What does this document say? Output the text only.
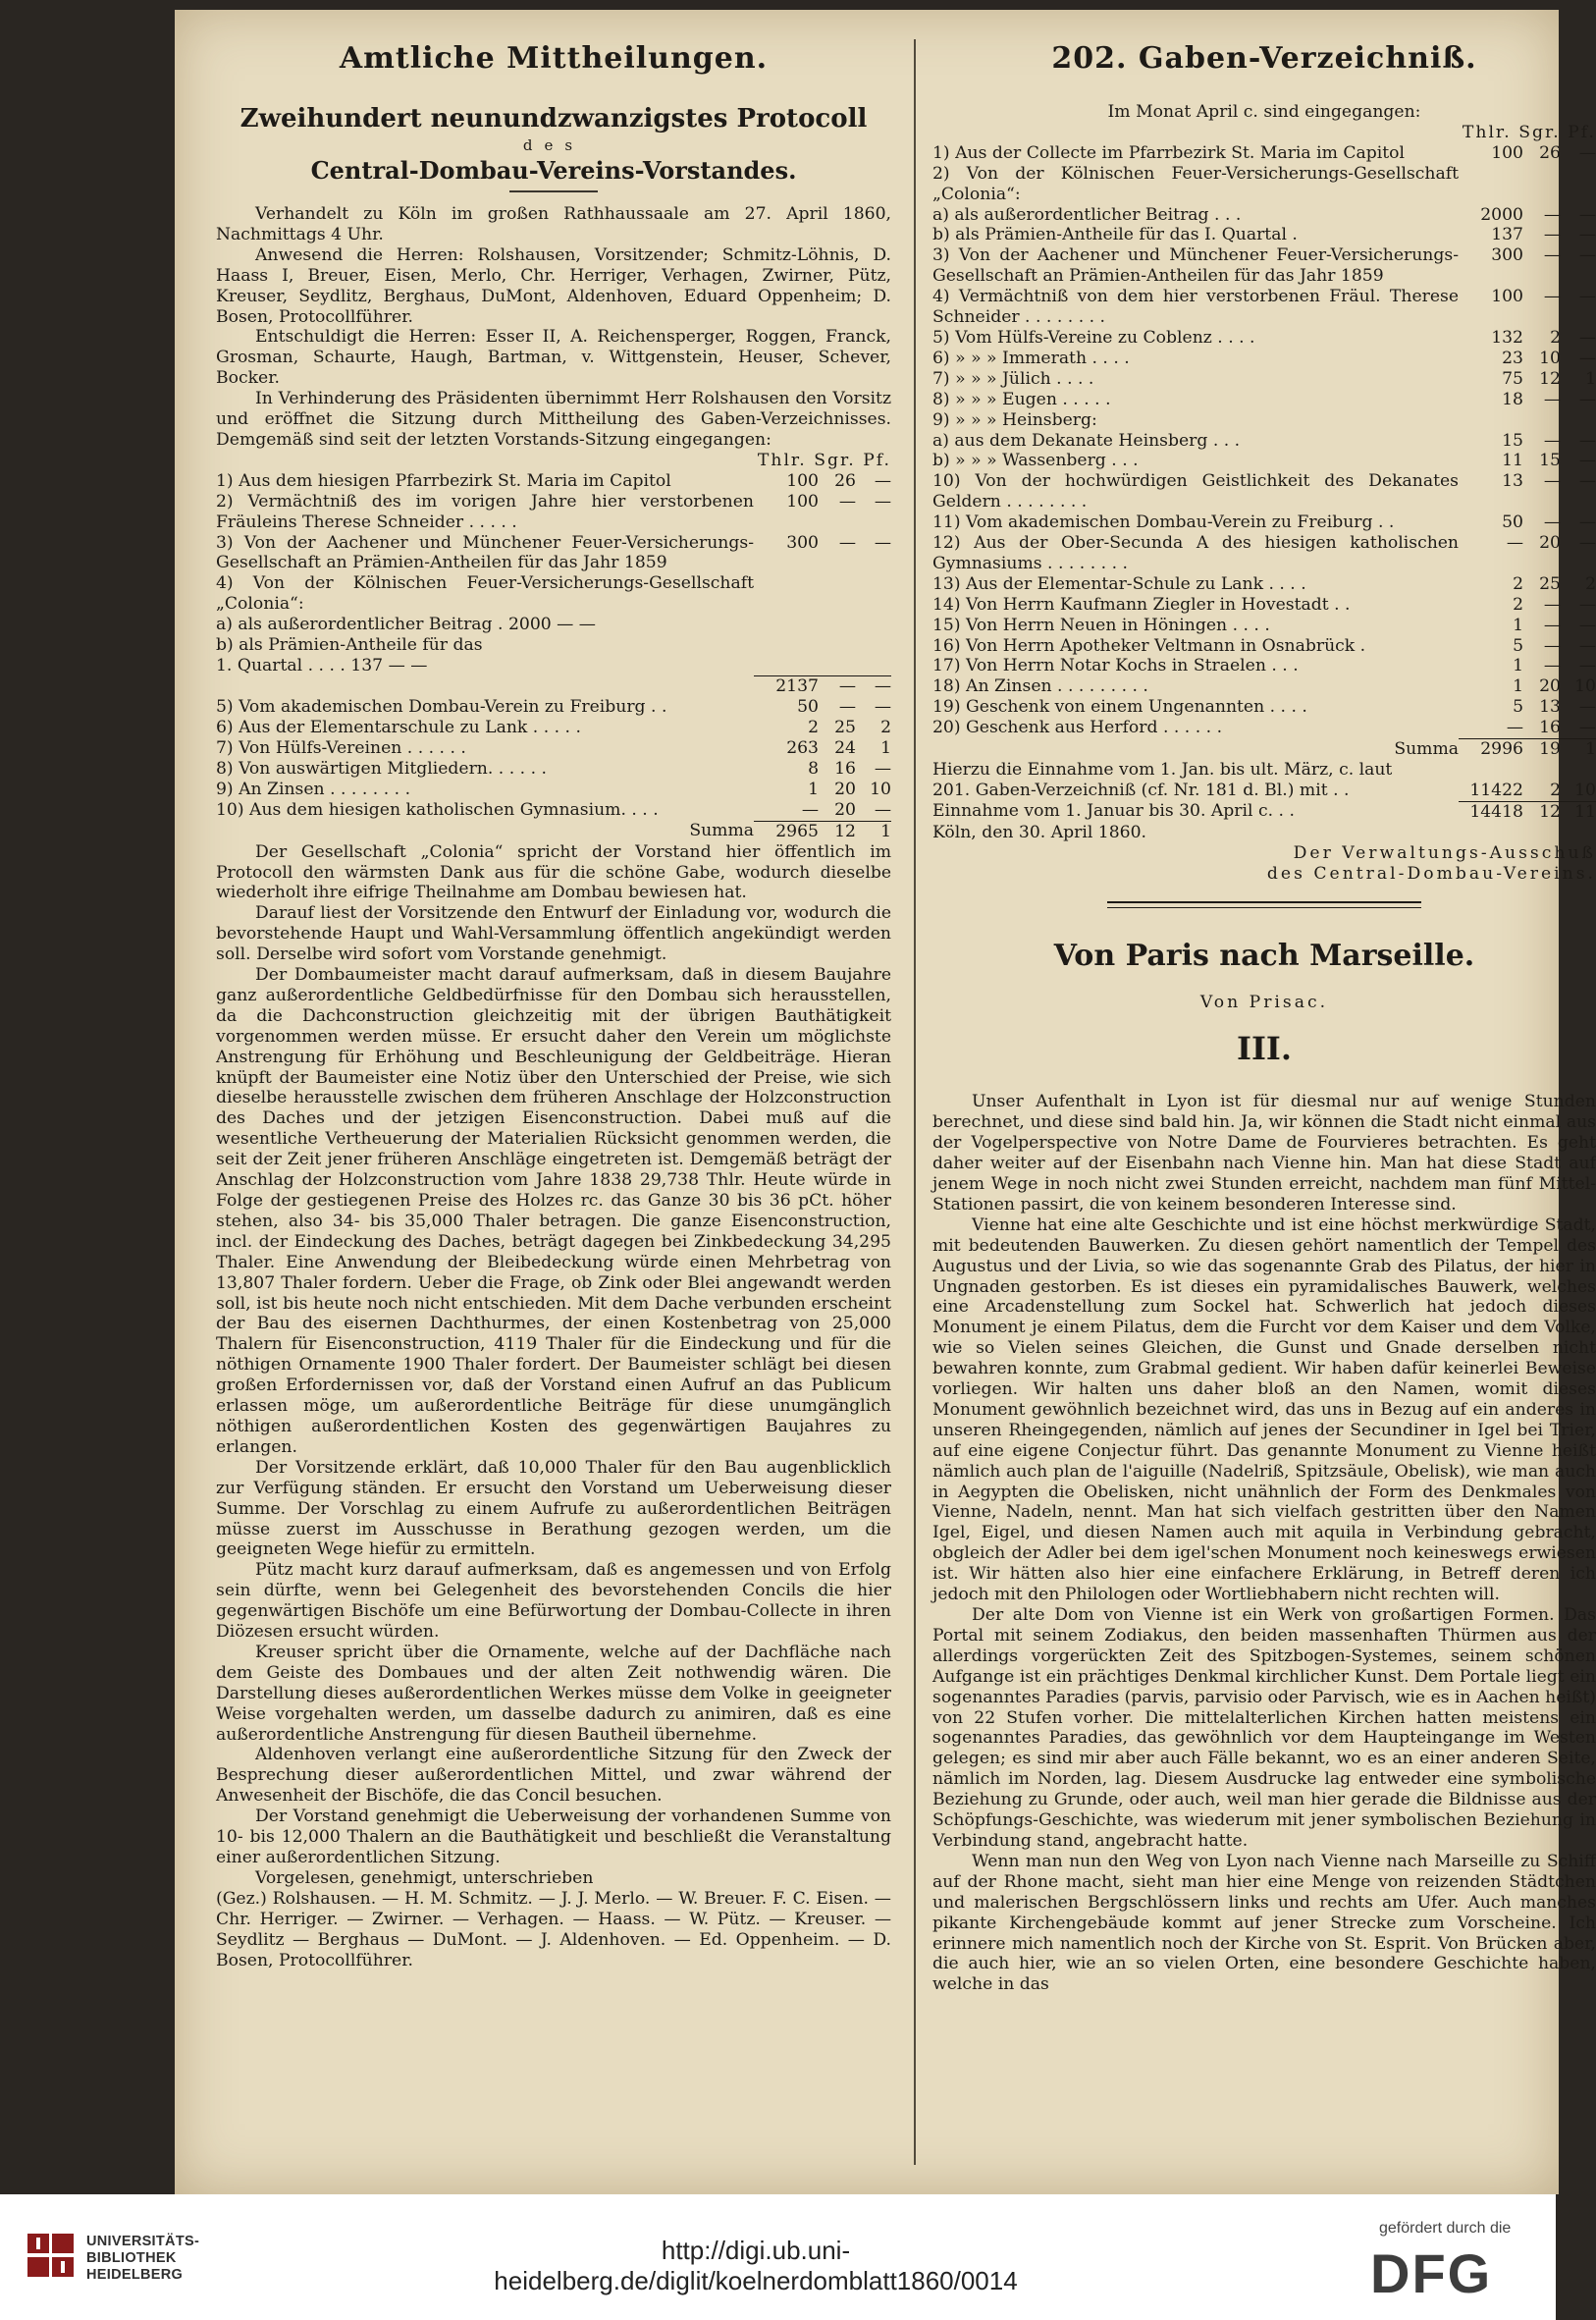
Amtliche Mittheilungen.
Zweihundert neunundzwanzigstes Protocoll
des
Central-Dombau-Vereins-Vorstandes.

Verhandelt zu Köln im großen Rathhaussaale am 27. April 1860, Nachmittags 4 Uhr.

Anwesend die Herren: Rolshausen, Vorsitzender; Schmitz-Löhnis, D. Haass I, Breuer, Eisen, Merlo, Chr. Herriger, Verhagen, Zwirner, Pütz, Kreuser, Seydlitz, Berghaus, DuMont, Aldenhoven, Eduard Oppenheim; D. Bosen, Protocollführer.

Entschuldigt die Herren: Esser II, A. Reichensperger, Roggen, Franck, Grosman, Schaurte, Haugh, Bartman, v. Wittgenstein, Heuser, Schever, Bocker.

In Verhinderung des Präsidenten übernimmt Herr Rolshausen den Vorsitz und eröffnet die Sitzung durch Mittheilung des Gaben-Verzeichnisses. Demgemäß sind seit der letzten Vorstands-Sitzung eingegangen:

Thlr. Sgr. Pf.
1) Aus dem hiesigen Pfarrbezirk St. Maria im Capitol	100	26	—
2) Vermächtniß des im vorigen Jahre hier verstorbenen Fräuleins Therese Schneider . . . . .	100	—	—
3) Von der Aachener und Münchener Feuer-Versicherungs-Gesellschaft an Prämien-Antheilen für das Jahr 1859	300	—	—
4) Von der Kölnischen Feuer-Versicherungs-Gesellschaft „Colonia“:			
a) als außerordentlicher Beitrag . 2000 — —			
b) als Prämien-Antheile für das			
1. Quartal . . . . 137 — —			
	2137	—	—
5) Vom akademischen Dombau-Verein zu Freiburg . .	50	—	—
6) Aus der Elementarschule zu Lank . . . . .	2	25	2
7) Von Hülfs-Vereinen . . . . . .	263	24	1
8) Von auswärtigen Mitgliedern. . . . . .	8	16	—
9) An Zinsen . . . . . . . .	1	20	10
10) Aus dem hiesigen katholischen Gymnasium. . . .	—	20	—
Summa	2965	12	1

Der Gesellschaft „Colonia“ spricht der Vorstand hier öffentlich im Protocoll den wärmsten Dank aus für die schöne Gabe, wodurch dieselbe wiederholt ihre eifrige Theilnahme am Dombau bewiesen hat.

Darauf liest der Vorsitzende den Entwurf der Einladung vor, wodurch die bevorstehende Haupt und Wahl-Versammlung öffentlich angekündigt werden soll. Derselbe wird sofort vom Vorstande genehmigt.

Der Dombaumeister macht darauf aufmerksam, daß in diesem Baujahre ganz außerordentliche Geldbedürfnisse für den Dombau sich herausstellen, da die Dachconstruction gleichzeitig mit der übrigen Bauthätigkeit vorgenommen werden müsse. Er ersucht daher den Verein um möglichste Anstrengung für Erhöhung und Beschleunigung der Geldbeiträge. Hieran knüpft der Baumeister eine Notiz über den Unterschied der Preise, wie sich dieselbe herausstelle zwischen dem früheren Anschlage der Holzconstruction des Daches und der jetzigen Eisenconstruction. Dabei muß auf die wesentliche Vertheuerung der Materialien Rücksicht genommen werden, die seit der Zeit jener früheren Anschläge eingetreten ist. Demgemäß beträgt der Anschlag der Holzconstruction vom Jahre 1838 29,738 Thlr. Heute würde in Folge der gestiegenen Preise des Holzes rc. das Ganze 30 bis 36 pCt. höher stehen, also 34- bis 35,000 Thaler betragen. Die ganze Eisenconstruction, incl. der Eindeckung des Daches, beträgt dagegen bei Zinkbedeckung 34,295 Thaler. Eine Anwendung der Bleibedeckung würde einen Mehrbetrag von 13,807 Thaler fordern. Ueber die Frage, ob Zink oder Blei angewandt werden soll, ist bis heute noch nicht entschieden. Mit dem Dache verbunden erscheint der Bau des eisernen Dachthurmes, der einen Kostenbetrag von 25,000 Thalern für Eisenconstruction, 4119 Thaler für die Eindeckung und für die nöthigen Ornamente 1900 Thaler fordert. Der Baumeister schlägt bei diesen großen Erfordernissen vor, daß der Vorstand einen Aufruf an das Publicum erlassen möge, um außerordentliche Beiträge für diese unumgänglich nöthigen außerordentlichen Kosten des gegenwärtigen Baujahres zu erlangen.

Der Vorsitzende erklärt, daß 10,000 Thaler für den Bau augenblicklich zur Verfügung ständen. Er ersucht den Vorstand um Ueberweisung dieser Summe. Der Vorschlag zu einem Aufrufe zu außerordentlichen Beiträgen müsse zuerst im Ausschusse in Berathung gezogen werden, um die geeigneten Wege hiefür zu ermitteln.

Pütz macht kurz darauf aufmerksam, daß es angemessen und von Erfolg sein dürfte, wenn bei Gelegenheit des bevorstehenden Concils die hier gegenwärtigen Bischöfe um eine Befürwortung der Dombau-Collecte in ihren Diözesen ersucht würden.

Kreuser spricht über die Ornamente, welche auf der Dachfläche nach dem Geiste des Dombaues und der alten Zeit nothwendig wären. Die Darstellung dieses außerordentlichen Werkes müsse dem Volke in geeigneter Weise vorgehalten werden, um dasselbe dadurch zu animiren, daß es eine außerordentliche Anstrengung für diesen Bautheil übernehme.

Aldenhoven verlangt eine außerordentliche Sitzung für den Zweck der Besprechung dieser außerordentlichen Mittel, und zwar während der Anwesenheit der Bischöfe, die das Concil besuchen.

Der Vorstand genehmigt die Ueberweisung der vorhandenen Summe von 10- bis 12,000 Thalern an die Bauthätigkeit und beschließt die Veranstaltung einer außerordentlichen Sitzung.

Vorgelesen, genehmigt, unterschrieben

(Gez.) Rolshausen. — H. M. Schmitz. — J. J. Merlo. — W. Breuer. F. C. Eisen. — Chr. Herriger. — Zwirner. — Verhagen. — Haass. — W. Pütz. — Kreuser. — Seydlitz — Berghaus — DuMont. — J. Aldenhoven. — Ed. Oppenheim. — D. Bosen, Protocollführer.

202. Gaben-Verzeichniß.
Im Monat April c. sind eingegangen:
Thlr. Sgr. Pf.
1) Aus der Collecte im Pfarrbezirk St. Maria im Capitol	100	26	—
2) Von der Kölnischen Feuer-Versicherungs-Gesellschaft „Colonia“:			
a) als außerordentlicher Beitrag . . .	2000	—	—
b) als Prämien-Antheile für das I. Quartal .	137	—	—
3) Von der Aachener und Münchener Feuer-Versicherungs-Gesellschaft an Prämien-Antheilen für das Jahr 1859	300	—	—
4) Vermächtniß von dem hier verstorbenen Fräul. Therese Schneider . . . . . . . .	100	—	—
5) Vom Hülfs-Vereine zu Coblenz . . . .	132	2	—
6) » » » Immerath . . . .	23	10	—
7) » » » Jülich . . . .	75	12	1
8) » » » Eugen . . . . .	18	—	—
9) » » » Heinsberg:			
a) aus dem Dekanate Heinsberg . . .	15	—	—
b) » » » Wassenberg . . .	11	15	—
10) Von der hochwürdigen Geistlichkeit des Dekanates Geldern . . . . . . . .	13	—	—
11) Vom akademischen Dombau-Verein zu Freiburg . .	50	—	—
12) Aus der Ober-Secunda A des hiesigen katholischen Gymnasiums . . . . . . . .	—	20	—
13) Aus der Elementar-Schule zu Lank . . . .	2	25	2
14) Von Herrn Kaufmann Ziegler in Hovestadt . .	2	—	—
15) Von Herrn Neuen in Höningen . . . .	1	—	—
16) Von Herrn Apotheker Veltmann in Osnabrück .	5	—	—
17) Von Herrn Notar Kochs in Straelen . . .	1	—	—
18) An Zinsen . . . . . . . . .	1	20	10
19) Geschenk von einem Ungenannten . . . .	5	13	—
20) Geschenk aus Herford . . . . . .	—	16	—
Summa	2996	19	1
Hierzu die Einnahme vom 1. Jan. bis ult. März, c. laut			
201. Gaben-Verzeichniß (cf. Nr. 181 d. Bl.) mit . .	11422	2	10
Einnahme vom 1. Januar bis 30. April c. . .	14418	12	11
Köln, den 30. April 1860.
Der Verwaltungs-Ausschuß
des Central-Dombau-Vereins.
Von Paris nach Marseille.
Von Prisac.
III.

Unser Aufenthalt in Lyon ist für diesmal nur auf wenige Stunden berechnet, und diese sind bald hin. Ja, wir können die Stadt nicht einmal aus der Vogelperspective von Notre Dame de Fourvieres betrachten. Es geht daher weiter auf der Eisenbahn nach Vienne hin. Man hat diese Stadt auf jenem Wege in noch nicht zwei Stunden erreicht, nachdem man fünf Mittel-Stationen passirt, die von keinem besonderen Interesse sind.

Vienne hat eine alte Geschichte und ist eine höchst merkwürdige Stadt, mit bedeutenden Bauwerken. Zu diesen gehört namentlich der Tempel des Augustus und der Livia, so wie das sogenannte Grab des Pilatus, der hier in Ungnaden gestorben. Es ist dieses ein pyramidalisches Bauwerk, welches eine Arcadenstellung zum Sockel hat. Schwerlich hat jedoch dieses Monument je einem Pilatus, dem die Furcht vor dem Kaiser und dem Volke, wie so Vielen seines Gleichen, die Gunst und Gnade derselben nicht bewahren konnte, zum Grabmal gedient. Wir haben dafür keinerlei Beweise vorliegen. Wir halten uns daher bloß an den Namen, womit dieses Monument gewöhnlich bezeichnet wird, das uns in Bezug auf ein anderes in unseren Rheingegenden, nämlich auf jenes der Secundiner in Igel bei Trier, auf eine eigene Conjectur führt. Das genannte Monument zu Vienne heißt nämlich auch plan de l'aiguille (Nadelriß, Spitzsäule, Obelisk), wie man auch in Aegypten die Obelisken, nicht unähnlich der Form des Denkmales von Vienne, Nadeln, nennt. Man hat sich vielfach gestritten über den Namen Igel, Eigel, und diesen Namen auch mit aquila in Verbindung gebracht, obgleich der Adler bei dem igel'schen Monument noch keineswegs erwiesen ist. Wir hätten also hier eine einfachere Erklärung, in Betreff deren ich jedoch mit den Philologen oder Wortliebhabern nicht rechten will.

Der alte Dom von Vienne ist ein Werk von großartigen Formen. Das Portal mit seinem Zodiakus, den beiden massenhaften Thürmen aus der allerdings vorgerückten Zeit des Spitzbogen-Systemes, seinem schönen Aufgange ist ein prächtiges Denkmal kirchlicher Kunst. Dem Portale liegt ein sogenanntes Paradies (parvis, parvisio oder Parvisch, wie es in Aachen heißt) von 22 Stufen vorher. Die mittelalterlichen Kirchen hatten meistens ein sogenanntes Paradies, das gewöhnlich vor dem Haupteingange im Westen gelegen; es sind mir aber auch Fälle bekannt, wo es an einer anderen Seite, nämlich im Norden, lag. Diesem Ausdrucke lag entweder eine symbolische Beziehung zu Grunde, oder auch, weil man hier gerade die Bildnisse aus der Schöpfungs-Geschichte, was wiederum mit jener symbolischen Beziehung in Verbindung stand, angebracht hatte.

Wenn man nun den Weg von Lyon nach Vienne nach Marseille zu Schiff auf der Rhone macht, sieht man hier eine Menge von reizenden Städtchen und malerischen Bergschlössern links und rechts am Ufer. Auch manches pikante Kirchengebäude kommt auf jener Strecke zum Vorscheine. Ich erinnere mich namentlich noch der Kirche von St. Esprit. Von Brücken aber, die auch hier, wie an so vielen Orten, eine besondere Geschichte haben, welche in das

UNIVERSITÄTS-
BIBLIOTHEK
HEIDELBERG
http://digi.ub.uni-heidelberg.de/diglit/koelnerdomblatt1860/0014
gefördert durch die
DFG
